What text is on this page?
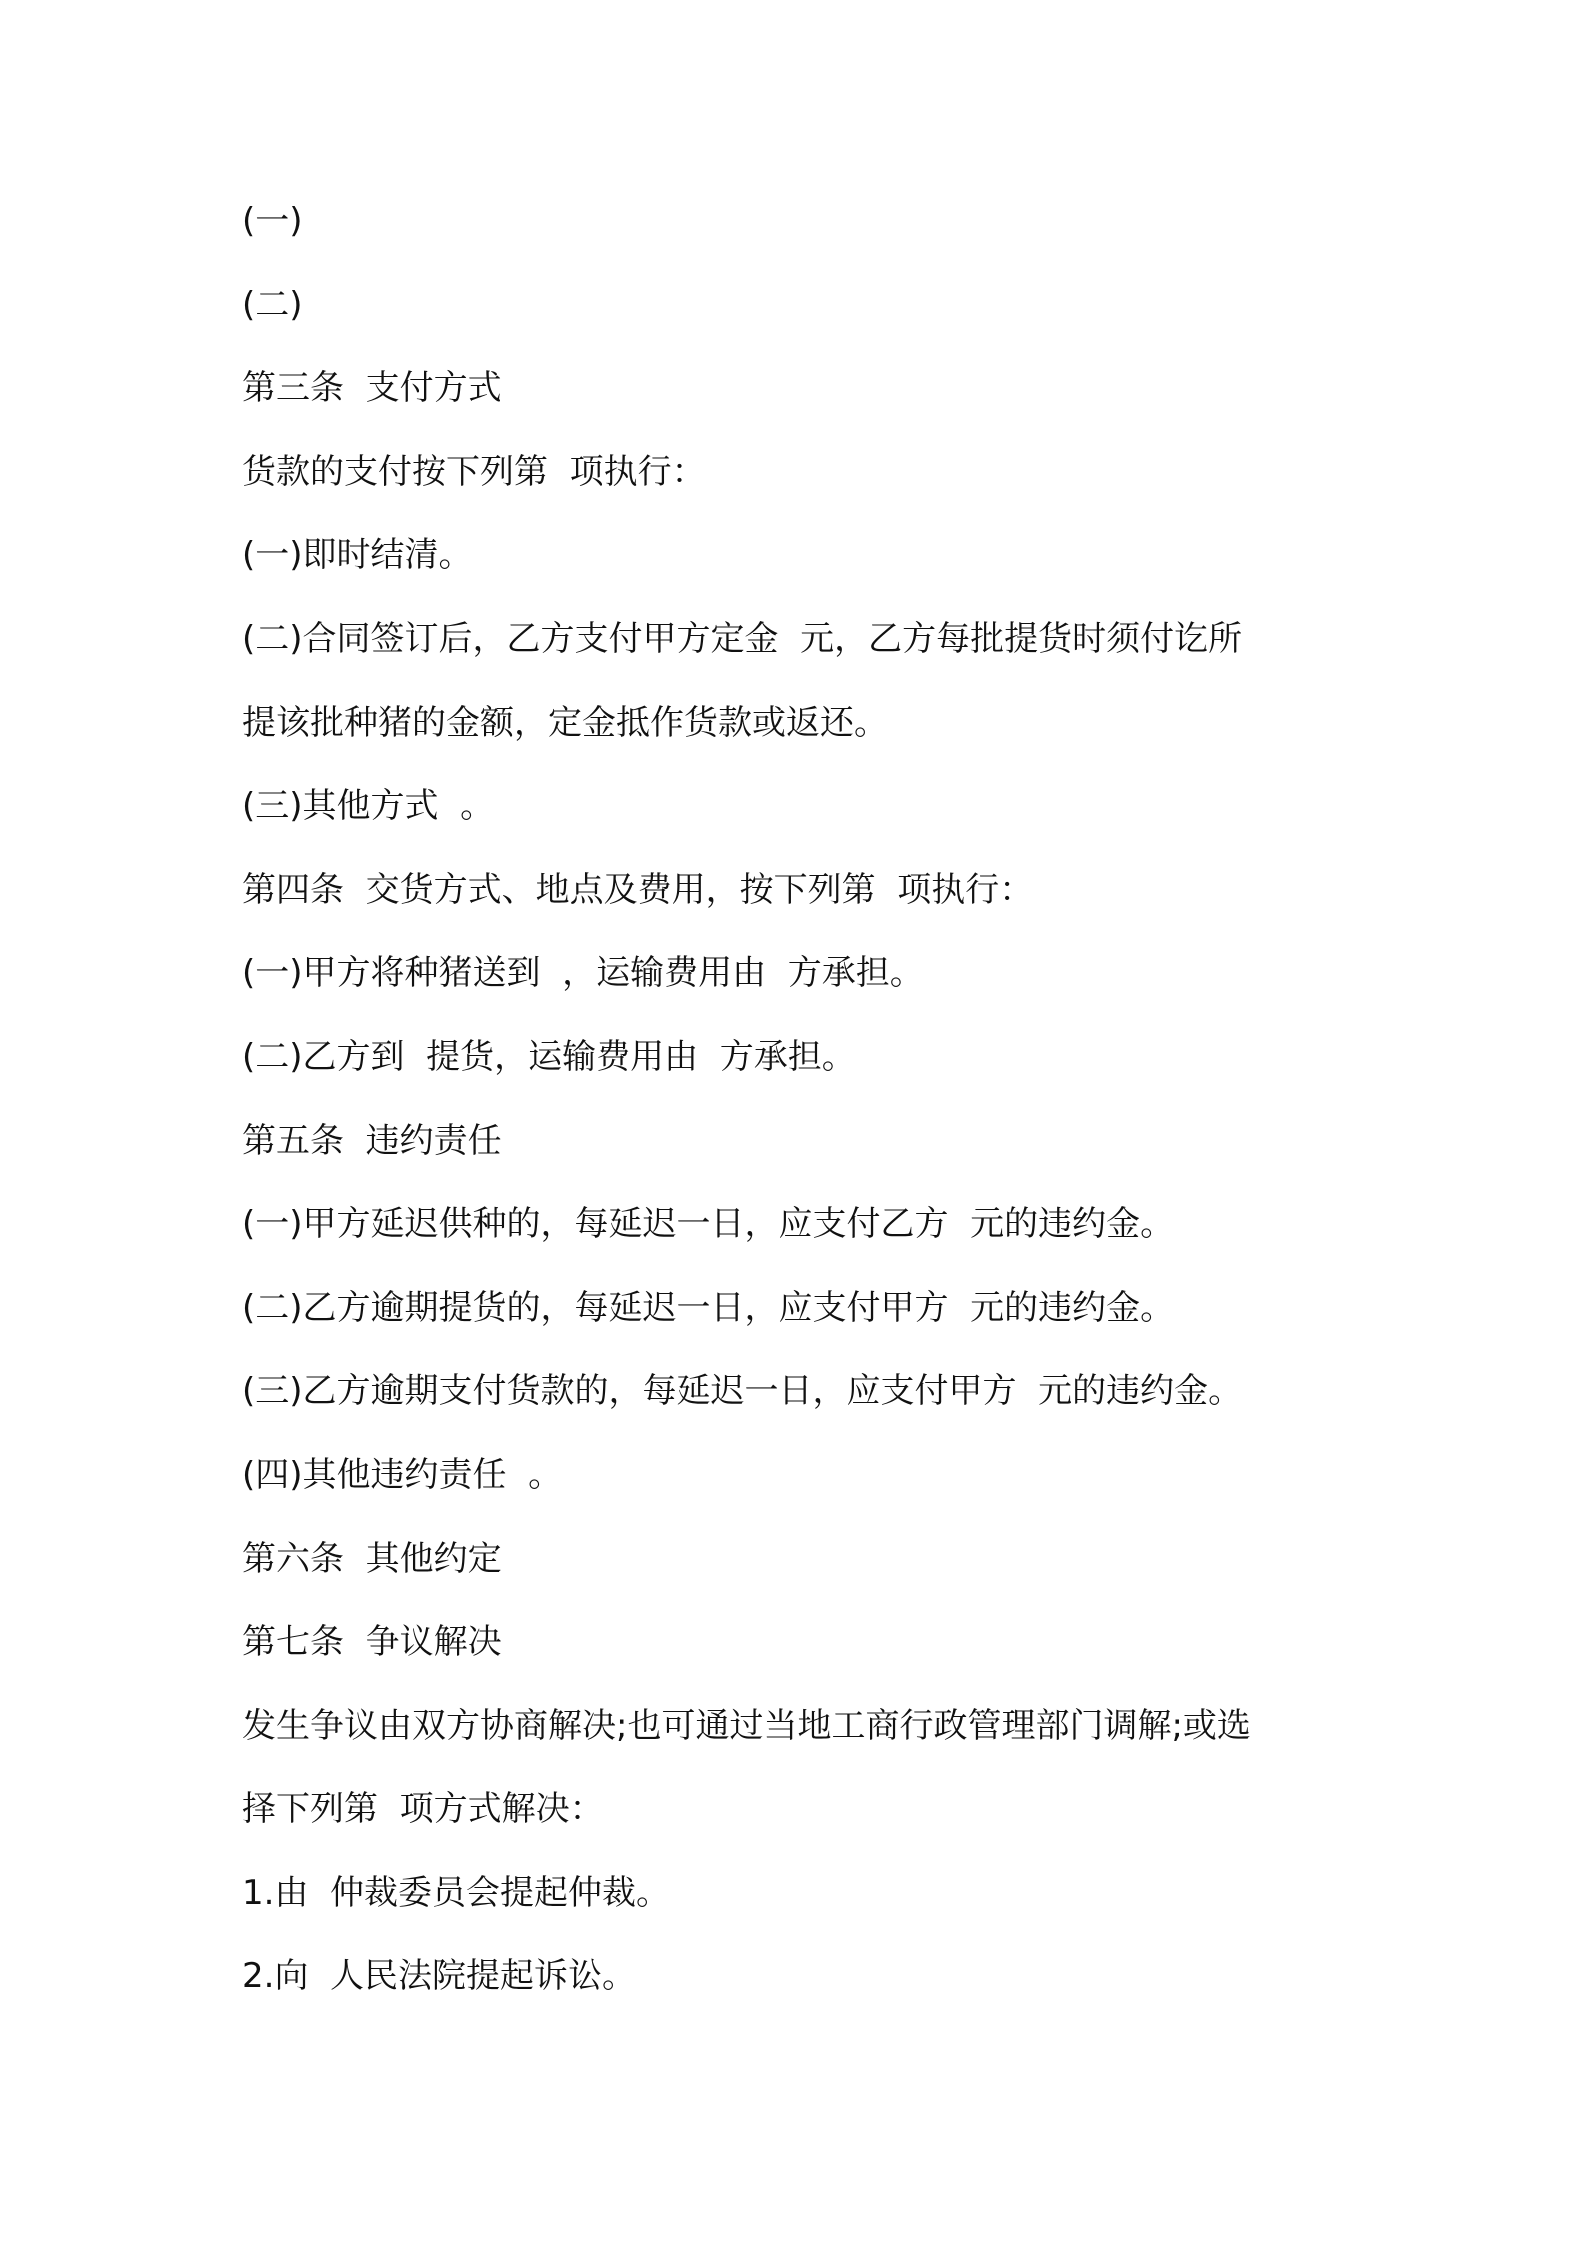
(一)
(二)
第三条  支付方式
货款的支付按下列第  项执行：
(一)即时结清。
(二)合同签订后，乙方支付甲方定金  元，乙方每批提货时须付讫所
提该批种猪的金额，定金抵作货款或返还。
(三)其他方式  。
第四条  交货方式、地点及费用，按下列第  项执行：
(一)甲方将种猪送到  ，运输费用由  方承担。
(二)乙方到  提货，运输费用由  方承担。
第五条  违约责任
(一)甲方延迟供种的，每延迟一日，应支付乙方  元的违约金。
(二)乙方逾期提货的，每延迟一日，应支付甲方  元的违约金。
(三)乙方逾期支付货款的，每延迟一日，应支付甲方  元的违约金。
(四)其他违约责任  。
第六条  其他约定
第七条  争议解决
发生争议由双方协商解决;也可通过当地工商行政管理部门调解;或选
择下列第  项方式解决：
1.由  仲裁委员会提起仲裁。
2.向  人民法院提起诉讼。
